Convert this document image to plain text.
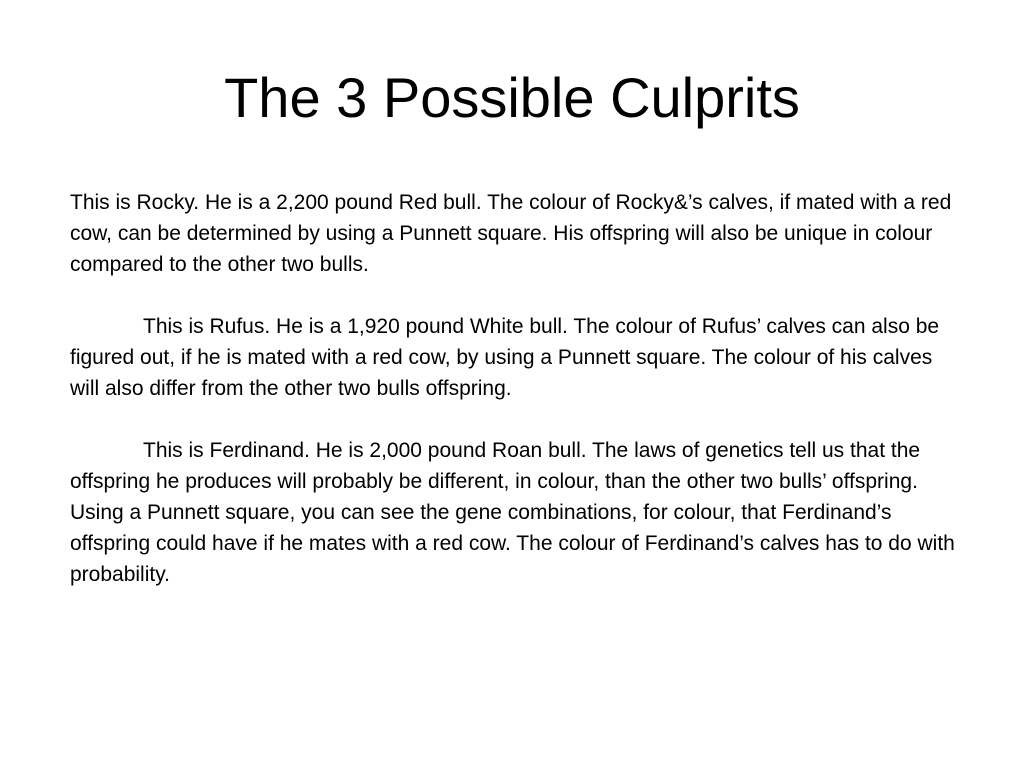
The 3 Possible Culprits

This is Rocky. He is a 2,200 pound Red bull. The colour of Rocky&’s calves, if mated with a red cow, can be determined by using a Punnett square. His offspring will also be unique in colour compared to the other two bulls.

This is Rufus. He is a 1,920 pound White bull. The colour of Rufus’ calves can also be figured out, if he is mated with a red cow, by using a Punnett square. The colour of his calves will also differ from the other two bulls offspring.

This is Ferdinand. He is 2,000 pound Roan bull. The laws of genetics tell us that the offspring he produces will probably be different, in colour, than the other two bulls’ offspring. Using a Punnett square, you can see the gene combinations, for colour, that Ferdinand’s offspring could have if he mates with a red cow. The colour of Ferdinand’s calves has to do with probability.
